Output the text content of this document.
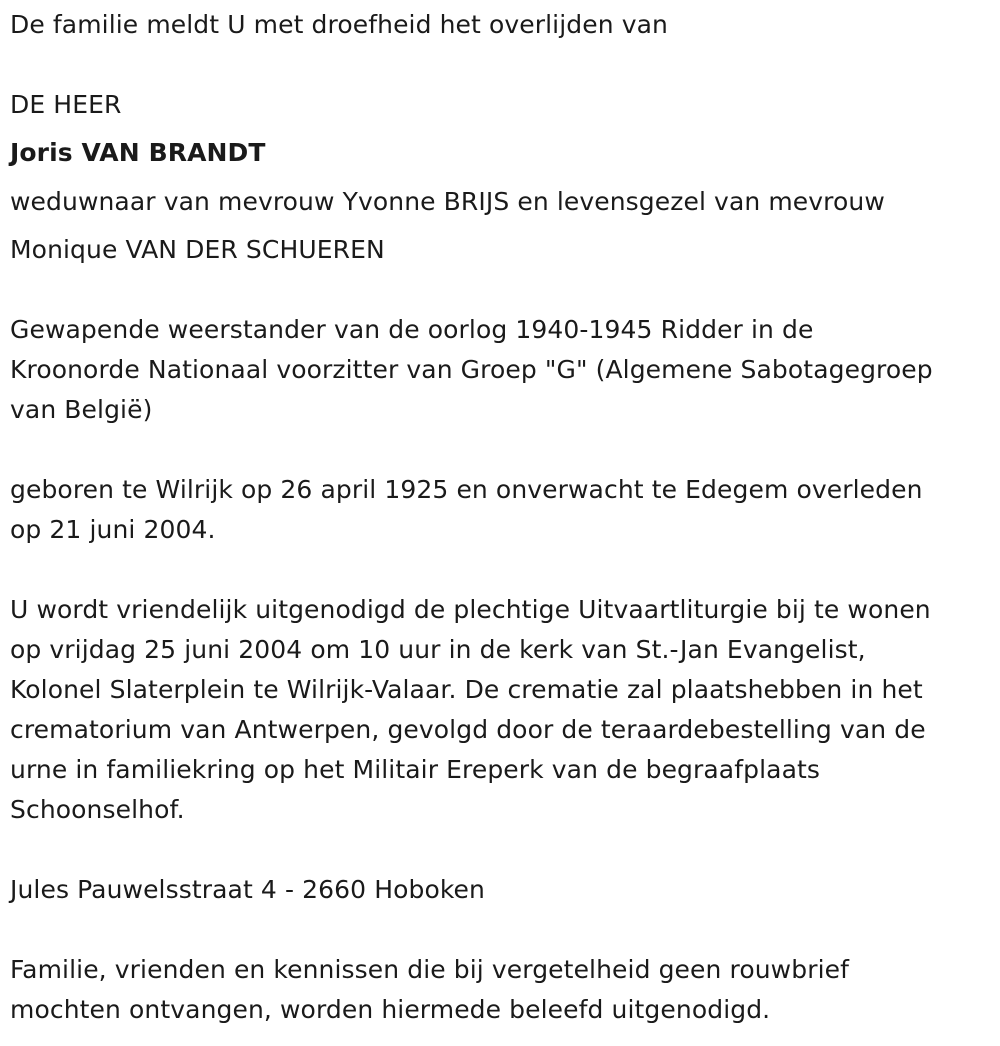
De familie meldt U met droefheid het overlijden van

DE HEER

Joris VAN BRANDT

weduwnaar van mevrouw Yvonne BRIJS en levensgezel van mevrouw

Monique VAN DER SCHUEREN

Gewapende weerstander van de oorlog 1940-1945 Ridder in de

Kroonorde Nationaal voorzitter van Groep "G" (Algemene Sabotagegroep

van België)

geboren te Wilrijk op 26 april 1925 en onverwacht te Edegem overleden

op 21 juni 2004.

U wordt vriendelijk uitgenodigd de plechtige Uitvaartliturgie bij te wonen

op vrijdag 25 juni 2004 om 10 uur in de kerk van St.-Jan Evangelist,

Kolonel Slaterplein te Wilrijk-Valaar. De crematie zal plaatshebben in het

crematorium van Antwerpen, gevolgd door de teraardebestelling van de

urne in familiekring op het Militair Ereperk van de begraafplaats

Schoonselhof.

Jules Pauwelsstraat 4 - 2660 Hoboken

Familie, vrienden en kennissen die bij vergetelheid geen rouwbrief

mochten ontvangen, worden hiermede beleefd uitgenodigd.
